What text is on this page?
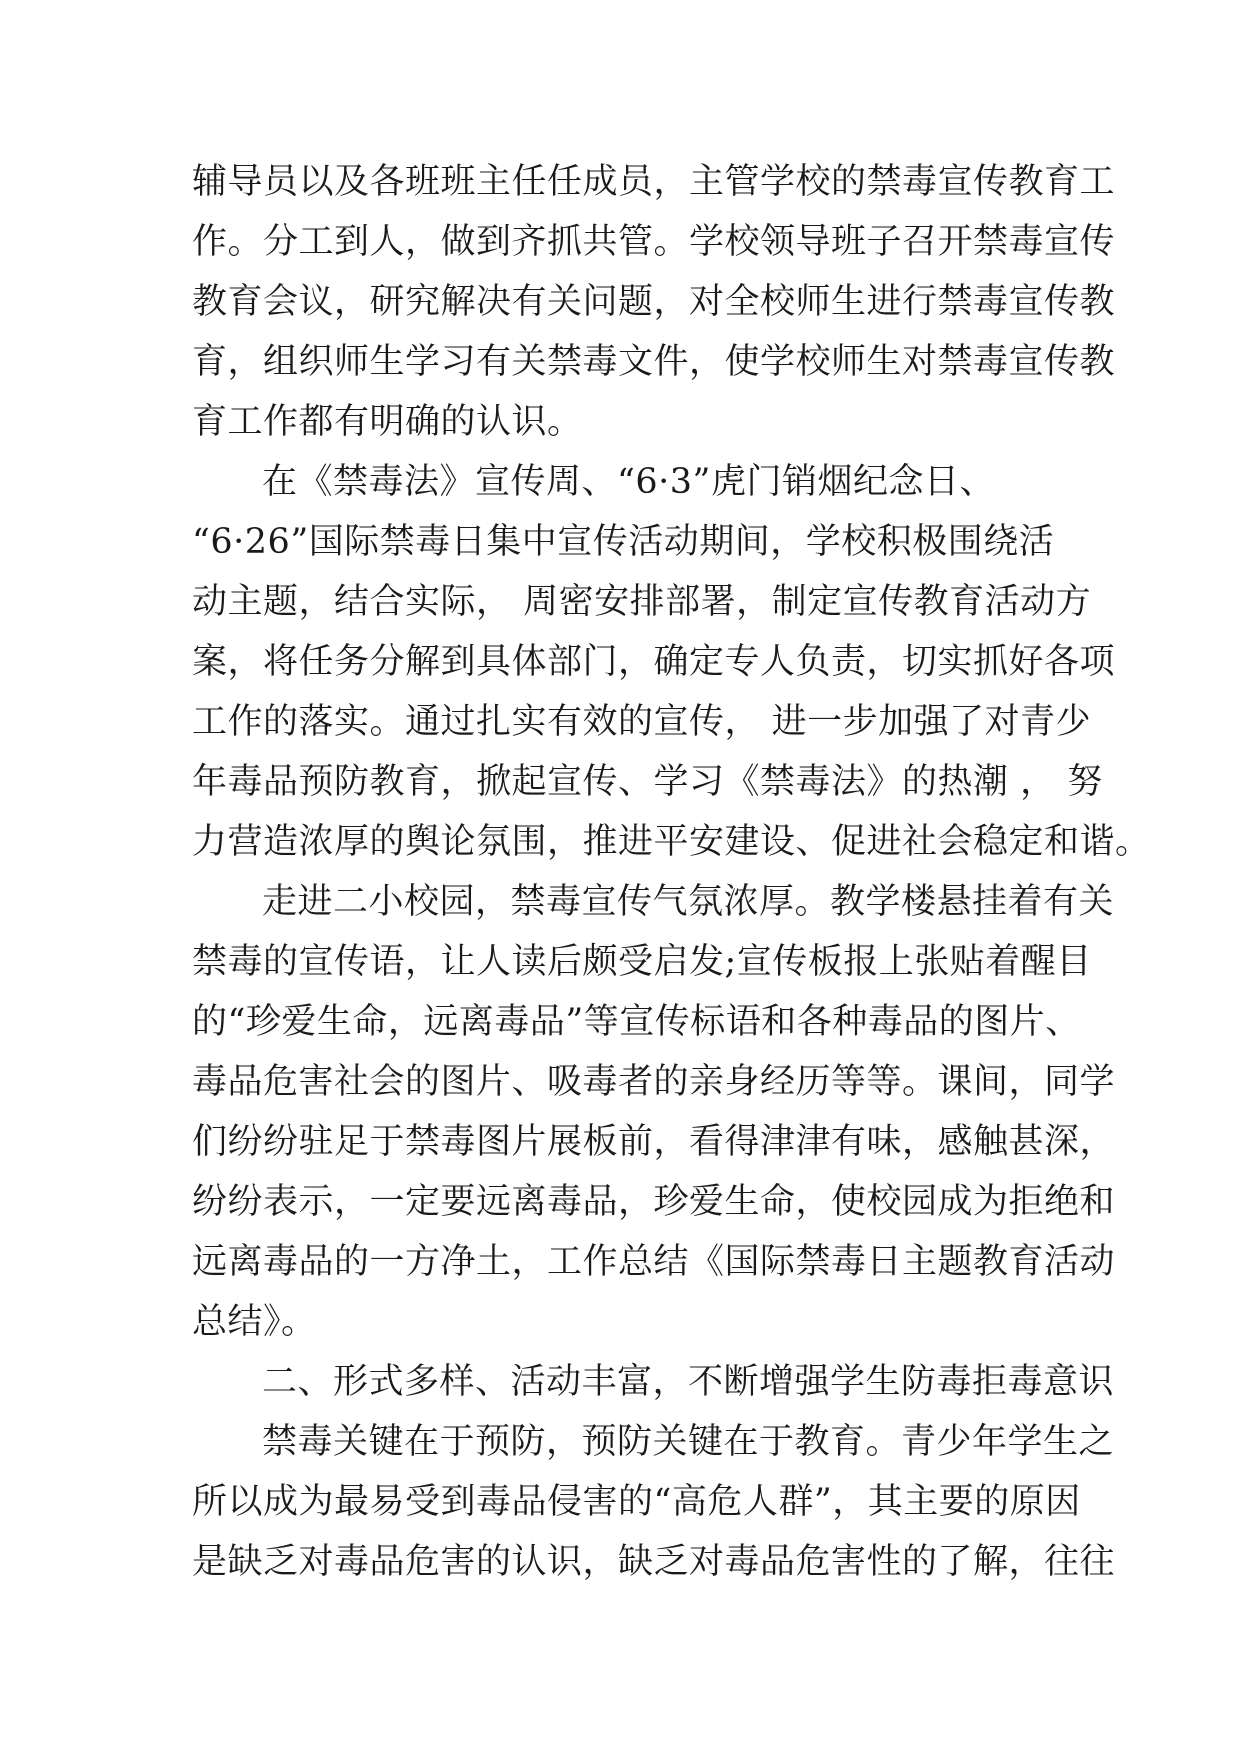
辅导员以及各班班主任任成员，主管学校的禁毒宣传教育工
作。分工到人，做到齐抓共管。学校领导班子召开禁毒宣传
教育会议，研究解决有关问题，对全校师生进行禁毒宣传教
育，组织师生学习有关禁毒文件，使学校师生对禁毒宣传教
育工作都有明确的认识。
在《禁毒法》宣传周、“6·3”虎门销烟纪念日、
“6·26”国际禁毒日集中宣传活动期间，学校积极围绕活
动主题，结合实际， 周密安排部署，制定宣传教育活动方
案，将任务分解到具体部门，确定专人负责，切实抓好各项
工作的落实。通过扎实有效的宣传， 进一步加强了对青少
年毒品预防教育，掀起宣传、学习《禁毒法》的热潮 ， 努
力营造浓厚的舆论氛围，推进平安建设、促进社会稳定和谐。
走进二小校园，禁毒宣传气氛浓厚。教学楼悬挂着有关
禁毒的宣传语，让人读后颇受启发;宣传板报上张贴着醒目
的“珍爱生命，远离毒品”等宣传标语和各种毒品的图片、
毒品危害社会的图片、吸毒者的亲身经历等等。课间，同学
们纷纷驻足于禁毒图片展板前，看得津津有味，感触甚深，
纷纷表示，一定要远离毒品，珍爱生命，使校园成为拒绝和
远离毒品的一方净土，工作总结《国际禁毒日主题教育活动
总结》。
二、形式多样、活动丰富，不断增强学生防毒拒毒意识
禁毒关键在于预防，预防关键在于教育。青少年学生之
所以成为最易受到毒品侵害的“高危人群”，其主要的原因
是缺乏对毒品危害的认识，缺乏对毒品危害性的了解，往往
